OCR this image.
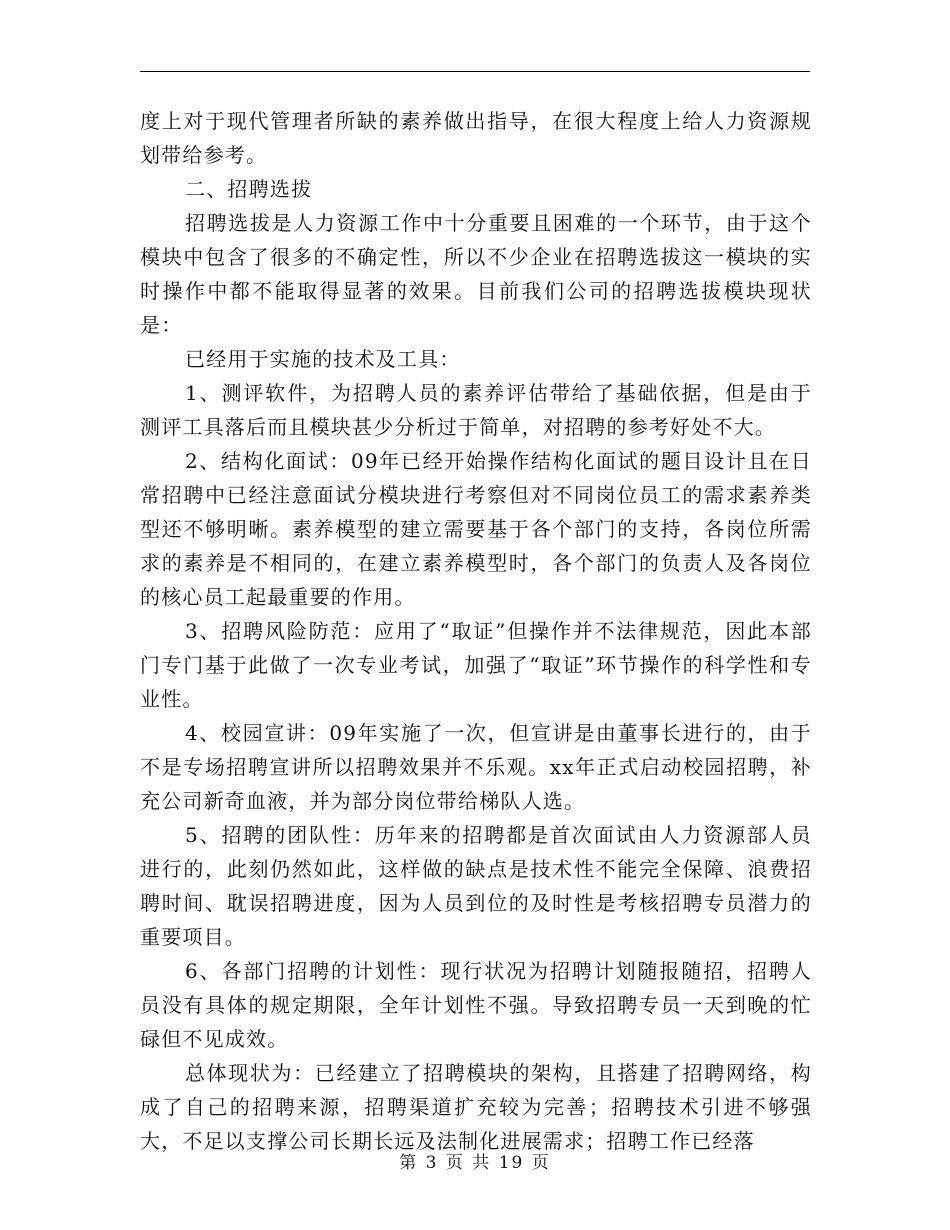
度上对于现代管理者所缺的素养做出指导，在很大程度上给人力资源规划带给参考。

二、招聘选拔

招聘选拔是人力资源工作中十分重要且困难的一个环节，由于这个模块中包含了很多的不确定性，所以不少企业在招聘选拔这一模块的实时操作中都不能取得显著的效果。目前我们公司的招聘选拔模块现状是：

已经用于实施的技术及工具：

1、测评软件，为招聘人员的素养评估带给了基础依据，但是由于测评工具落后而且模块甚少分析过于简单，对招聘的参考好处不大。

2、结构化面试：09年已经开始操作结构化面试的题目设计且在日常招聘中已经注意面试分模块进行考察但对不同岗位员工的需求素养类型还不够明晰。素养模型的建立需要基于各个部门的支持，各岗位所需求的素养是不相同的，在建立素养模型时，各个部门的负责人及各岗位的核心员工起最重要的作用。

3、招聘风险防范：应用了“取证”但操作并不法律规范，因此本部门专门基于此做了一次专业考试，加强了“取证”环节操作的科学性和专业性。

4、校园宣讲：09年实施了一次，但宣讲是由董事长进行的，由于不是专场招聘宣讲所以招聘效果并不乐观。xx年正式启动校园招聘，补充公司新奇血液，并为部分岗位带给梯队人选。

5、招聘的团队性：历年来的招聘都是首次面试由人力资源部人员进行的，此刻仍然如此，这样做的缺点是技术性不能完全保障、浪费招聘时间、耽误招聘进度，因为人员到位的及时性是考核招聘专员潜力的重要项目。

6、各部门招聘的计划性：现行状况为招聘计划随报随招，招聘人员没有具体的规定期限，全年计划性不强。导致招聘专员一天到晚的忙碌但不见成效。

总体现状为：已经建立了招聘模块的架构，且搭建了招聘网络，构成了自己的招聘来源，招聘渠道扩充较为完善；招聘技术引进不够强大，不足以支撑公司长期长远及法制化进展需求；招聘工作已经落

第 3 页 共 19 页
